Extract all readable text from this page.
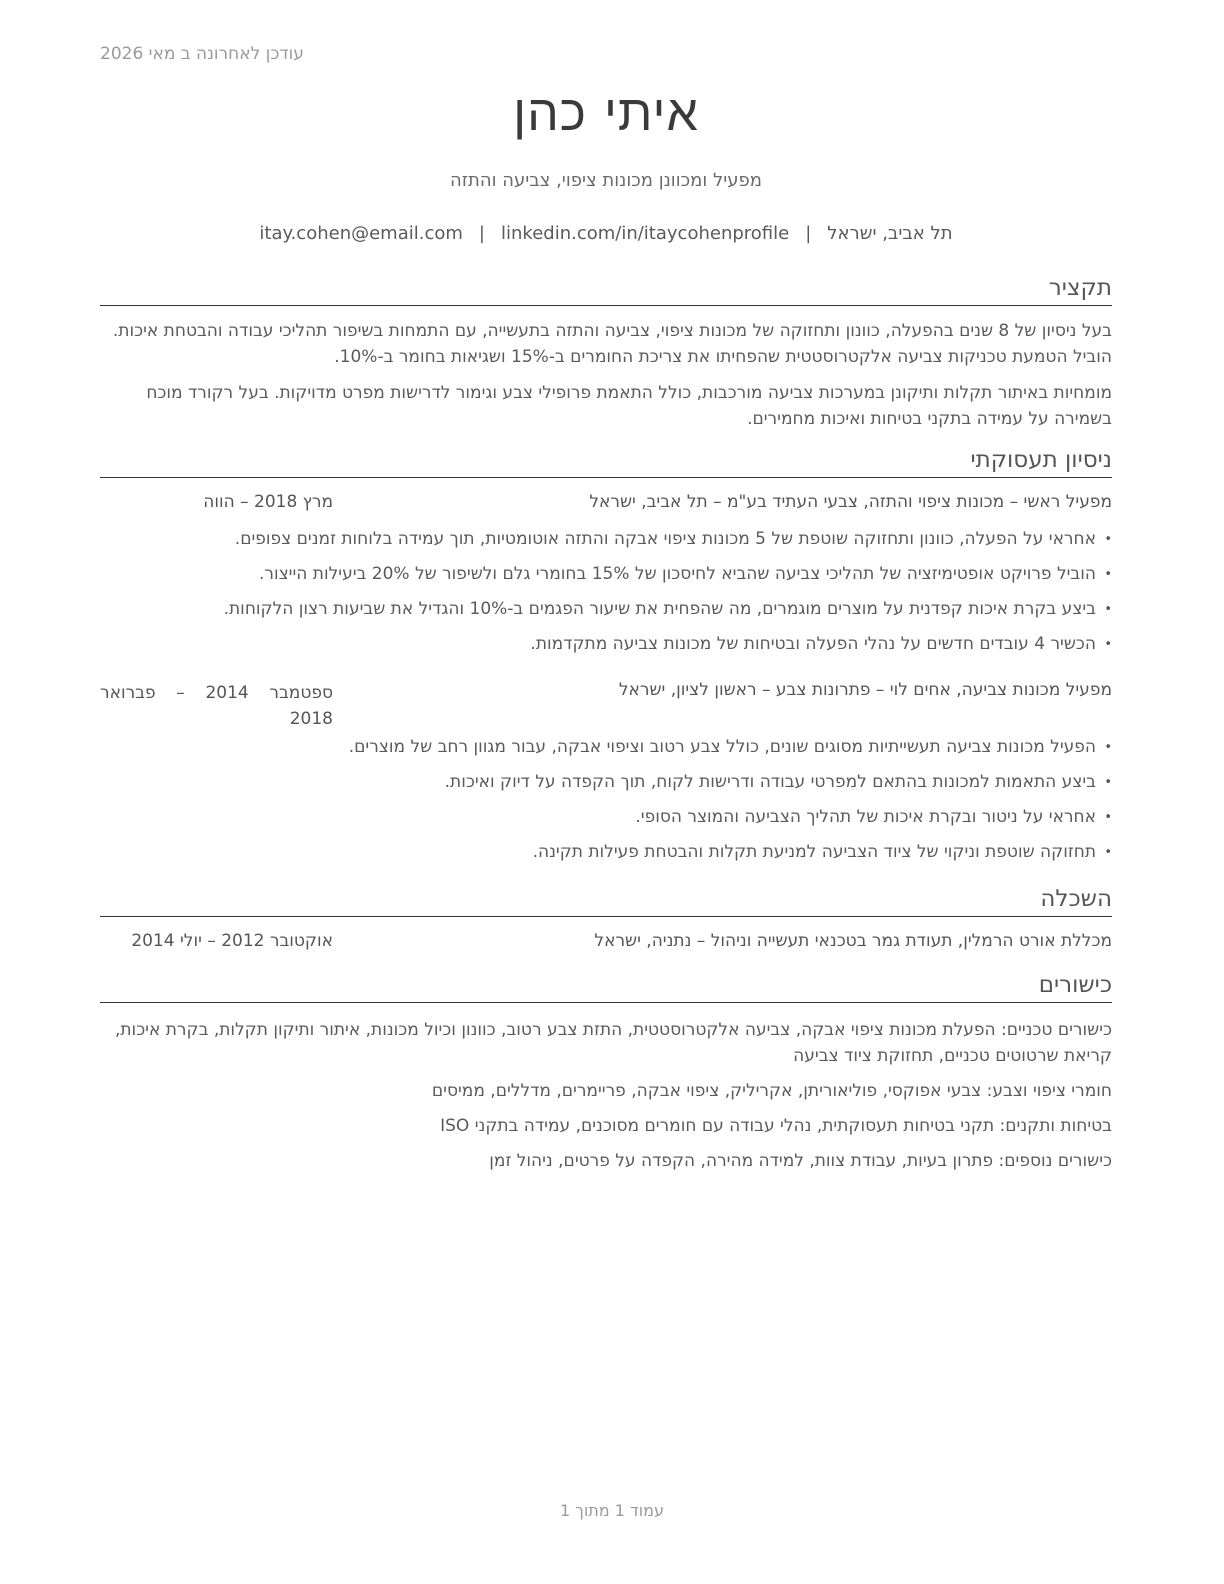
עודכן לאחרונה ב מאי 2026
איתי כהן
מפעיל ומכוונן מכונות ציפוי, צביעה והתזה
תל אביב, ישראל|itay.cohen@email.com | linkedin.com/in/itaycohenprofile
תקציר
בעל ניסיון של 8 שנים בהפעלה, כוונון ותחזוקה של מכונות ציפוי, צביעה והתזה בתעשייה, עם התמחות בשיפור תהליכי עבודה והבטחת איכות. הוביל הטמעת טכניקות צביעה אלקטרוסטטית שהפחיתו את צריכת החומרים ב-15% ושגיאות בחומר ב-10%.
מומחיות באיתור תקלות ותיקונן במערכות צביעה מורכבות, כולל התאמת פרופילי צבע וגימור לדרישות מפרט מדויקות. בעל רקורד מוכח בשמירה על עמידה בתקני בטיחות ואיכות מחמירים.
ניסיון תעסוקתי
מפעיל ראשי – מכונות ציפוי והתזה, צבעי העתיד בע"מ – תל אביב, ישראל
מרץ 2018 – הווה
• אחראי על הפעלה, כוונון ותחזוקה שוטפת של 5 מכונות ציפוי אבקה והתזה אוטומטיות, תוך עמידה בלוחות זמנים צפופים.
• הוביל פרויקט אופטימיזציה של תהליכי צביעה שהביא לחיסכון של 15% בחומרי גלם ולשיפור של 20% ביעילות הייצור.
• ביצע בקרת איכות קפדנית על מוצרים מוגמרים, מה שהפחית את שיעור הפגמים ב-10% והגדיל את שביעות רצון הלקוחות.
• הכשיר 4 עובדים חדשים על נהלי הפעלה ובטיחות של מכונות צביעה מתקדמות.
מפעיל מכונות צביעה, אחים לוי – פתרונות צבע – ראשון לציון, ישראל
ספטמבר 2014 – פברואר 2018
• הפעיל מכונות צביעה תעשייתיות מסוגים שונים, כולל צבע רטוב וציפוי אבקה, עבור מגוון רחב של מוצרים.
• ביצע התאמות למכונות בהתאם למפרטי עבודה ודרישות לקוח, תוך הקפדה על דיוק ואיכות.
• אחראי על ניטור ובקרת איכות של תהליך הצביעה והמוצר הסופי.
• תחזוקה שוטפת וניקוי של ציוד הצביעה למניעת תקלות והבטחת פעילות תקינה.
השכלה
מכללת אורט הרמלין, תעודת גמר בטכנאי תעשייה וניהול – נתניה, ישראל
אוקטובר 2012 – יולי 2014
כישורים

כישורים טכניים: הפעלת מכונות ציפוי אבקה, צביעה אלקטרוסטטית, התזת צבע רטוב, כוונון וכיול מכונות, איתור ותיקון תקלות, בקרת איכות, קריאת שרטוטים טכניים, תחזוקת ציוד צביעה

חומרי ציפוי וצבע: צבעי אפוקסי, פוליאוריתן, אקריליק, ציפוי אבקה, פריימרים, מדללים, ממיסים

בטיחות ותקנים: תקני בטיחות תעסוקתית, נהלי עבודה עם חומרים מסוכנים, עמידה בתקני ISO

כישורים נוספים: פתרון בעיות, עבודת צוות, למידה מהירה, הקפדה על פרטים, ניהול זמן

עמוד 1 מתוך 1
